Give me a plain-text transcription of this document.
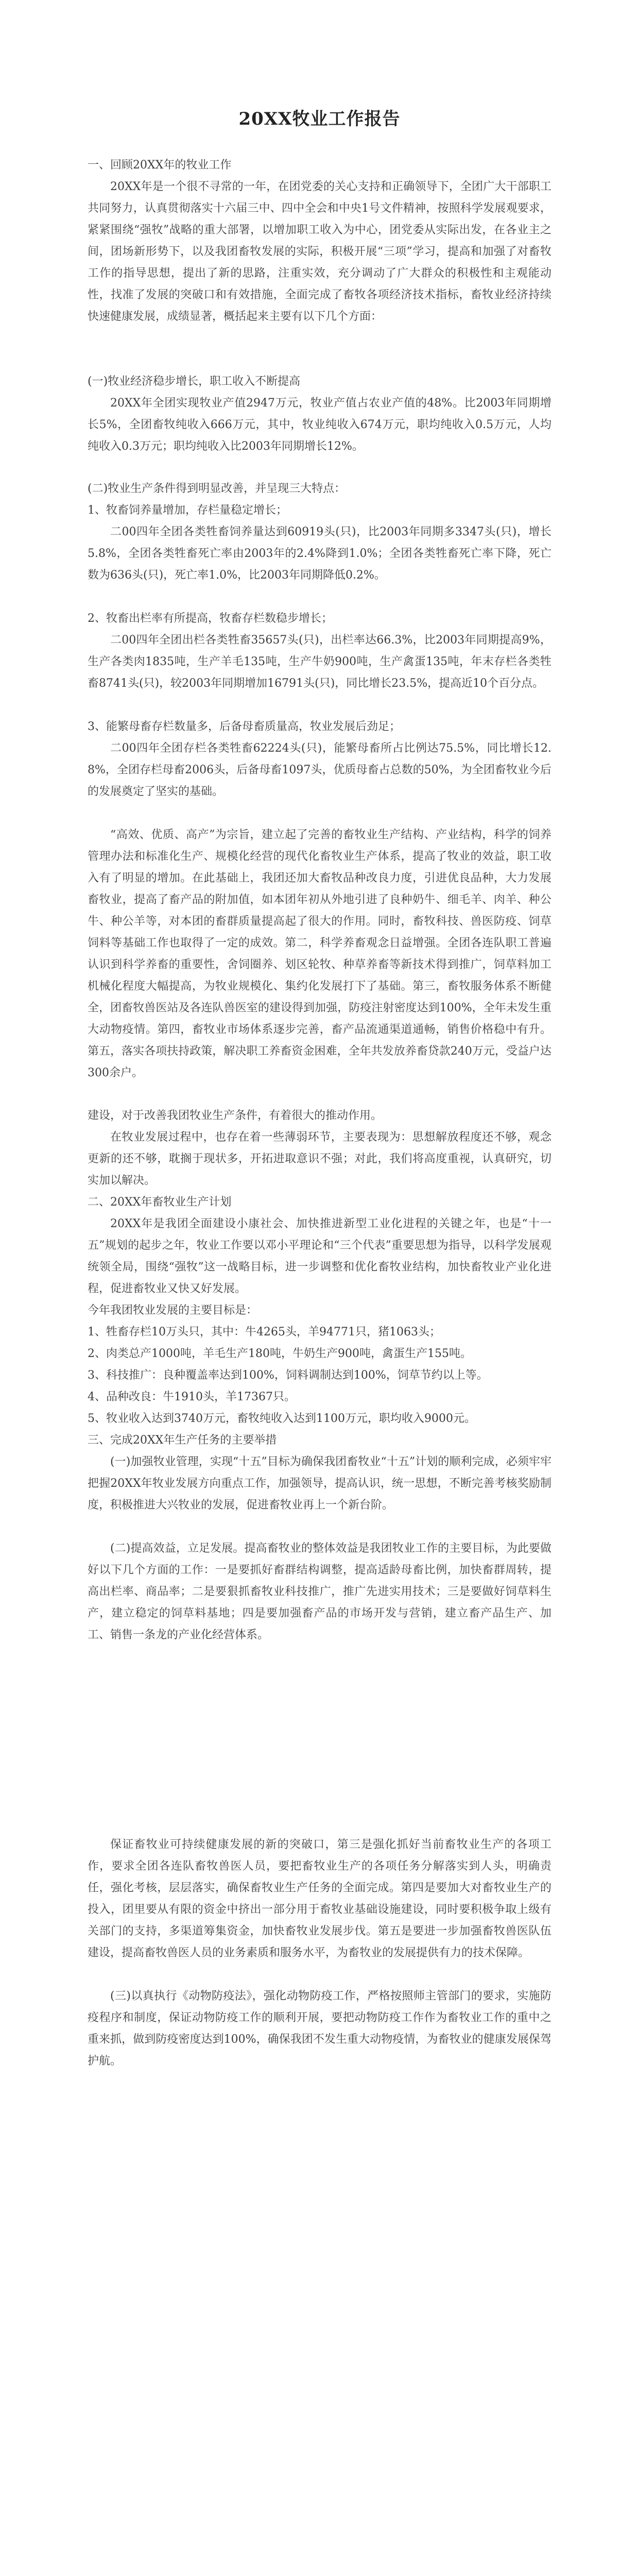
20XX牧业工作报告

一、回顾20XX年的牧业工作

20XX年是一个很不寻常的一年，在团党委的关心支持和正确领导下，全团广大干部职工共同努力，认真贯彻落实十六届三中、四中全会和中央1号文件精神，按照科学发展观要求，紧紧围绕“强牧”战略的重大部署，以增加职工收入为中心，团党委从实际出发，在各业主之间，团场新形势下，以及我团畜牧发展的实际，积极开展“三项”学习，提高和加强了对畜牧工作的指导思想，提出了新的思路，注重实效，充分调动了广大群众的积极性和主观能动性，找准了发展的突破口和有效措施，全面完成了畜牧各项经济技术指标，畜牧业经济持续快速健康发展，成绩显著，概括起来主要有以下几个方面：

(一)牧业经济稳步增长，职工收入不断提高

20XX年全团实现牧业产值2947万元，牧业产值占农业产值的48%。比2003年同期增长5%，全团畜牧纯收入666万元，其中，牧业纯收入674万元，职均纯收入0.5万元，人均纯收入0.3万元；职均纯收入比2003年同期增长12%。

(二)牧业生产条件得到明显改善，并呈现三大特点：

1、牧畜饲养量增加，存栏量稳定增长；

二00四年全团各类牲畜饲养量达到60919头(只)，比2003年同期多3347头(只)，增长5.8%，全团各类牲畜死亡率由2003年的2.4%降到1.0%；全团各类牲畜死亡率下降，死亡数为636头(只)，死亡率1.0%，比2003年同期降低0.2%。

2、牧畜出栏率有所提高，牧畜存栏数稳步增长；

二00四年全团出栏各类牲畜35657头(只)，出栏率达66.3%，比2003年同期提高9%，生产各类肉1835吨，生产羊毛135吨，生产牛奶900吨，生产禽蛋135吨，年末存栏各类牲畜8741头(只)，较2003年同期增加16791头(只)，同比增长23.5%，提高近10个百分点。

3、能繁母畜存栏数量多，后备母畜质量高，牧业发展后劲足；

二00四年全团存栏各类牲畜62224头(只)，能繁母畜所占比例达75.5%，同比增长12.8%，全团存栏母畜2006头，后备母畜1097头，优质母畜占总数的50%，为全团畜牧业今后的发展奠定了坚实的基础。

“高效、优质、高产”为宗旨，建立起了完善的畜牧业生产结构、产业结构，科学的饲养管理办法和标准化生产、规模化经营的现代化畜牧业生产体系，提高了牧业的效益，职工收入有了明显的增加。在此基础上，我团还加大畜牧品种改良力度，引进优良品种，大力发展畜牧业，提高了畜产品的附加值，如本团年初从外地引进了良种奶牛、细毛羊、肉羊、种公牛、种公羊等，对本团的畜群质量提高起了很大的作用。同时，畜牧科技、兽医防疫、饲草饲料等基础工作也取得了一定的成效。第二，科学养畜观念日益增强。全团各连队职工普遍认识到科学养畜的重要性，舍饲圈养、划区轮牧、种草养畜等新技术得到推广，饲草料加工机械化程度大幅提高，为牧业规模化、集约化发展打下了基础。第三，畜牧服务体系不断健全，团畜牧兽医站及各连队兽医室的建设得到加强，防疫注射密度达到100%，全年未发生重大动物疫情。第四，畜牧业市场体系逐步完善，畜产品流通渠道通畅，销售价格稳中有升。第五，落实各项扶持政策，解决职工养畜资金困难，全年共发放养畜贷款240万元，受益户达300余户。

建设，对于改善我团牧业生产条件，有着很大的推动作用。

在牧业发展过程中，也存在着一些薄弱环节，主要表现为：思想解放程度还不够，观念更新的还不够，耽搁于现状多，开拓进取意识不强；对此，我们将高度重视，认真研究，切实加以解决。

二、20XX年畜牧业生产计划

20XX年是我团全面建设小康社会、加快推进新型工业化进程的关键之年，也是“十一五”规划的起步之年，牧业工作要以邓小平理论和“三个代表”重要思想为指导，以科学发展观统领全局，围绕“强牧”这一战略目标，进一步调整和优化畜牧业结构，加快畜牧业产业化进程，促进畜牧业又快又好发展。

今年我团牧业发展的主要目标是：

1、牲畜存栏10万头只，其中：牛4265头，羊94771只，猪1063头；

2、肉类总产1000吨，羊毛生产180吨，牛奶生产900吨，禽蛋生产155吨。

3、科技推广：良种覆盖率达到100%，饲料调制达到100%，饲草节约以上等。

4、品种改良：牛1910头，羊17367只。

5、牧业收入达到3740万元，畜牧纯收入达到1100万元，职均收入9000元。

三、完成20XX年生产任务的主要举措

(一)加强牧业管理，实现“十五”目标为确保我团畜牧业“十五”计划的顺利完成，必须牢牢把握20XX年牧业发展方向重点工作，加强领导，提高认识，统一思想，不断完善考核奖励制度，积极推进大兴牧业的发展，促进畜牧业再上一个新台阶。

(二)提高效益，立足发展。提高畜牧业的整体效益是我团牧业工作的主要目标，为此要做好以下几个方面的工作：一是要抓好畜群结构调整，提高适龄母畜比例，加快畜群周转，提高出栏率、商品率；二是要狠抓畜牧业科技推广，推广先进实用技术；三是要做好饲草料生产，建立稳定的饲草料基地；四是要加强畜产品的市场开发与营销，建立畜产品生产、加工、销售一条龙的产业化经营体系。

保证畜牧业可持续健康发展的新的突破口，第三是强化抓好当前畜牧业生产的各项工作，要求全团各连队畜牧兽医人员，要把畜牧业生产的各项任务分解落实到人头，明确责任，强化考核，层层落实，确保畜牧业生产任务的全面完成。第四是要加大对畜牧业生产的投入，团里要从有限的资金中挤出一部分用于畜牧业基础设施建设，同时要积极争取上级有关部门的支持，多渠道筹集资金，加快畜牧业发展步伐。第五是要进一步加强畜牧兽医队伍建设，提高畜牧兽医人员的业务素质和服务水平，为畜牧业的发展提供有力的技术保障。

(三)以真执行《动物防疫法》，强化动物防疫工作，严格按照师主管部门的要求，实施防疫程序和制度，保证动物防疫工作的顺利开展，要把动物防疫工作作为畜牧业工作的重中之重来抓，做到防疫密度达到100%，确保我团不发生重大动物疫情，为畜牧业的健康发展保驾护航。
